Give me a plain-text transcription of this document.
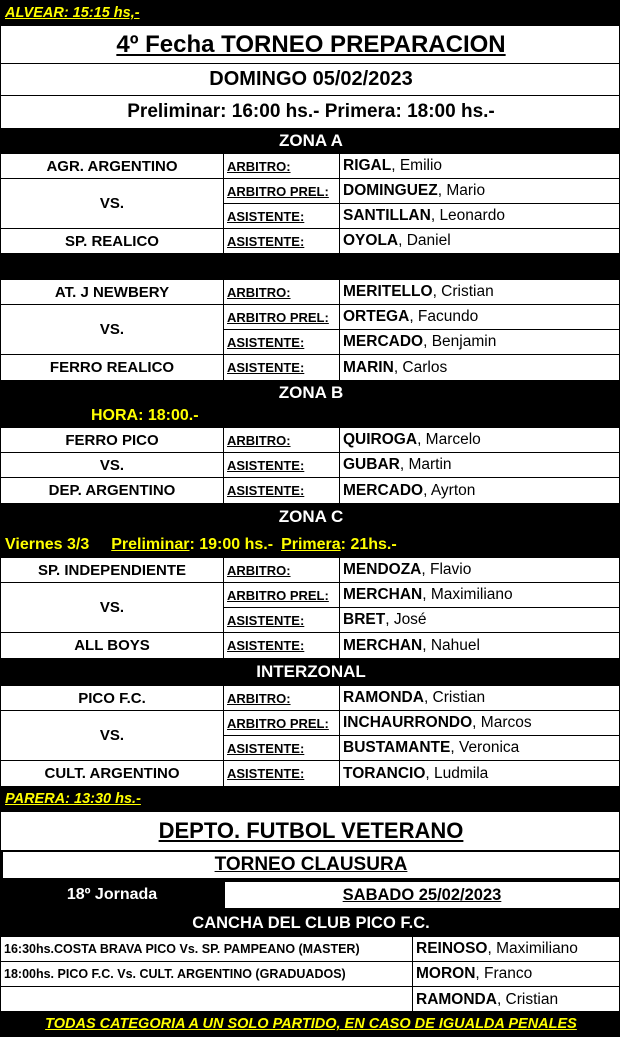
ALVEAR: 15:15 hs,-
4º Fecha TORNEO PREPARACION
DOMINGO 05/02/2023
Preliminar: 16:00 hs.- Primera: 18:00 hs.-
ZONA A
AGR. ARGENTINO
VS.
SP. REALICO
ARBITRO:
ARBITRO PREL:
ASISTENTE:
ASISTENTE:
RIGAL , Emilio
DOMINGUEZ , Mario
SANTILLAN , Leonardo
OYOLA , Daniel
AT. J NEWBERY
VS.
FERRO REALICO
ARBITRO:
ARBITRO PREL:
ASISTENTE:
ASISTENTE:
MERITELLO , Cristian
ORTEGA , Facundo
MERCADO , Benjamin
MARIN , Carlos
ZONA B
HORA: 18:00.-
FERRO PICO
VS.
DEP. ARGENTINO
ARBITRO:
ASISTENTE:
ASISTENTE:
QUIROGA , Marcelo
GUBAR , Martin
MERCADO , Ayrton
ZONA C
Viernes 3/3 Preliminar : 19:00 hs.- Primera : 21hs.-
SP. INDEPENDIENTE
VS.
ALL BOYS
ARBITRO:
ARBITRO PREL:
ASISTENTE:
ASISTENTE:
MENDOZA , Flavio
MERCHAN , Maximiliano
BRET , José
MERCHAN , Nahuel
INTERZONAL
PICO F.C.
VS.
CULT. ARGENTINO
ARBITRO:
ARBITRO PREL:
ASISTENTE:
ASISTENTE:
RAMONDA , Cristian
INCHAURRONDO , Marcos
BUSTAMANTE , Veronica
TORANCIO , Ludmila
PARERA: 13:30 hs.-
DEPTO. FUTBOL VETERANO
TORNEO CLAUSURA
18º Jornada	SABADO 25/02/2023
CANCHA DEL CLUB PICO F.C.
16:30hs.COSTA BRAVA PICO Vs. SP. PAMPEANO (MASTER)
18:00hs. PICO F.C. Vs. CULT. ARGENTINO (GRADUADOS)
REINOSO , Maximiliano
MORON , Franco
RAMONDA , Cristian
TODAS CATEGORIA A UN SOLO PARTIDO, EN CASO DE IGUALDA PENALES
